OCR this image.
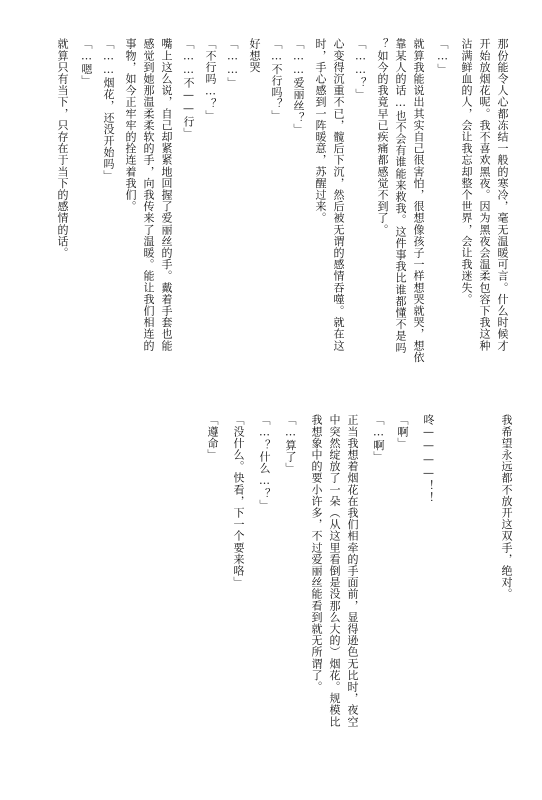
那份能令人心都冻结一般的寒冷，毫无温暖可言。什么时候才
开始放烟花呢。我不喜欢黑夜。因为黑夜会温柔包容下我这种
沾满鲜血的人，会让我忘却整个世界，会让我迷失。
「…」
就算我能说出其实自己很害怕，很想像孩子一样想哭就哭，想依
靠某人的话…也不会有谁能来救我。这件事我比谁都懂不是吗
？如今的我竟早已疾痛都感觉不到了。
「……？」
心变得沉重不已，髋后下沉，然后被无谓的感情吞噬。就在这
时，手心感到一阵暖意，苏醒过来。
「……爱丽丝？」
「…不行吗？」
好想哭
「……」
「不行吗…？」
「……不——行」
嘴上这么说，自己却紧紧地回握了爱丽丝的手。戴着手套也能
感觉到她那温柔柔软的手，向我传来了温暖。能让我们相连的
事物，如今正牢牢的拴连着我们。
「……烟花，还没开始吗」
「…嗯」
就算只有当下，只存在于当下的感情的话。
我希望永远都不放开这双手，绝对。
咚————！！
「啊」
「…啊」
正当我想着烟花在我们相牵的手面前，显得逊色无比时，夜空
中突然绽放了一朵（从这里看倒是没那么大的）烟花。规模比
我想象中的要小许多，不过爱丽丝能看到就无所谓了。
「…算了」
「…？什么…？」
「没什么。快看，下一个要来咯」
「遵命」
